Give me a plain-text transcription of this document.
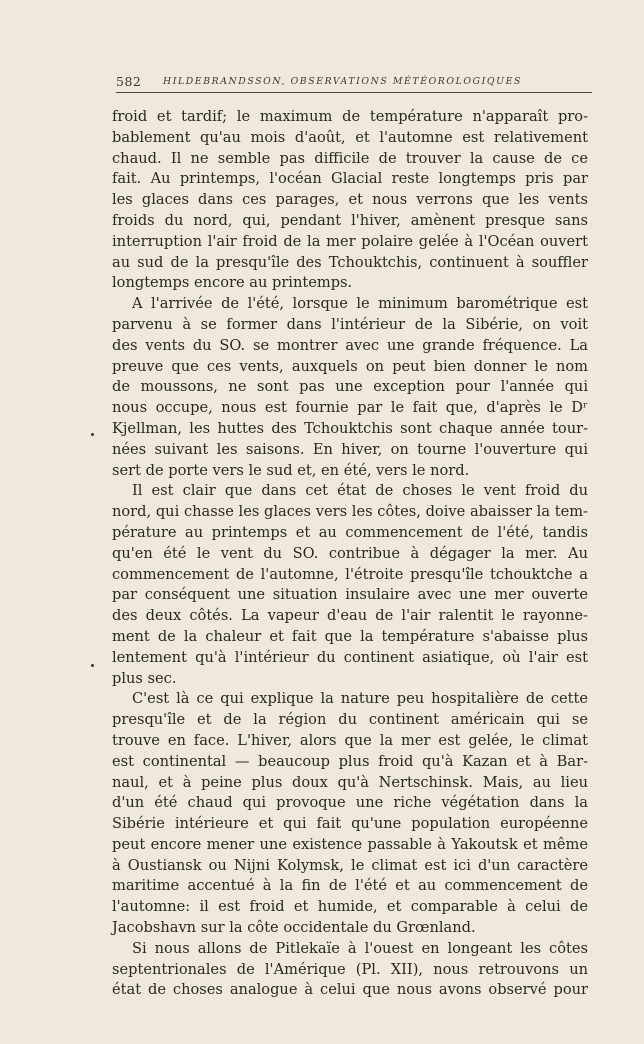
582 HILDEBRANDSSON, OBSERVATIONS MÉTÉOROLOGIQUES
froid et tardif; le maximum de température n'apparaît pro-
bablement qu'au mois d'août, et l'automne est relativement
chaud. Il ne semble pas difficile de trouver la cause de ce
fait. Au printemps, l'océan Glacial reste longtemps pris par
les glaces dans ces parages, et nous verrons que les vents
froids du nord, qui, pendant l'hiver, amènent presque sans
interruption l'air froid de la mer polaire gelée à l'Océan ouvert
au sud de la presqu'île des Tchouktchis, continuent à souffler
longtemps encore au printemps.
A l'arrivée de l'été, lorsque le minimum barométrique est
parvenu à se former dans l'intérieur de la Sibérie, on voit
des vents du SO. se montrer avec une grande fréquence. La
preuve que ces vents, auxquels on peut bien donner le nom
de moussons, ne sont pas une exception pour l'année qui
nous occupe, nous est fournie par le fait que, d'après le Dʳ
Kjellman, les huttes des Tchouktchis sont chaque année tour-
nées suivant les saisons. En hiver, on tourne l'ouverture qui
sert de porte vers le sud et, en été, vers le nord.
Il est clair que dans cet état de choses le vent froid du
nord, qui chasse les glaces vers les côtes, doive abaisser la tem-
pérature au printemps et au commencement de l'été, tandis
qu'en été le vent du SO. contribue à dégager la mer. Au
commencement de l'automne, l'étroite presqu'île tchouktche a
par conséquent une situation insulaire avec une mer ouverte
des deux côtés. La vapeur d'eau de l'air ralentit le rayonne-
ment de la chaleur et fait que la température s'abaisse plus
lentement qu'à l'intérieur du continent asiatique, où l'air est
plus sec.
C'est là ce qui explique la nature peu hospitalière de cette
presqu'île et de la région du continent américain qui se
trouve en face. L'hiver, alors que la mer est gelée, le climat
est continental — beaucoup plus froid qu'à Kazan et à Bar-
naul, et à peine plus doux qu'à Nertschinsk. Mais, au lieu
d'un été chaud qui provoque une riche végétation dans la
Sibérie intérieure et qui fait qu'une population européenne
peut encore mener une existence passable à Yakoutsk et même
à Oustiansk ou Nijni Kolymsk, le climat est ici d'un caractère
maritime accentué à la fin de l'été et au commencement de
l'automne: il est froid et humide, et comparable à celui de
Jacobshavn sur la côte occidentale du Grœnland.
Si nous allons de Pitlekaïe à l'ouest en longeant les côtes
septentrionales de l'Amérique (Pl. XII), nous retrouvons un
état de choses analogue à celui que nous avons observé pour
